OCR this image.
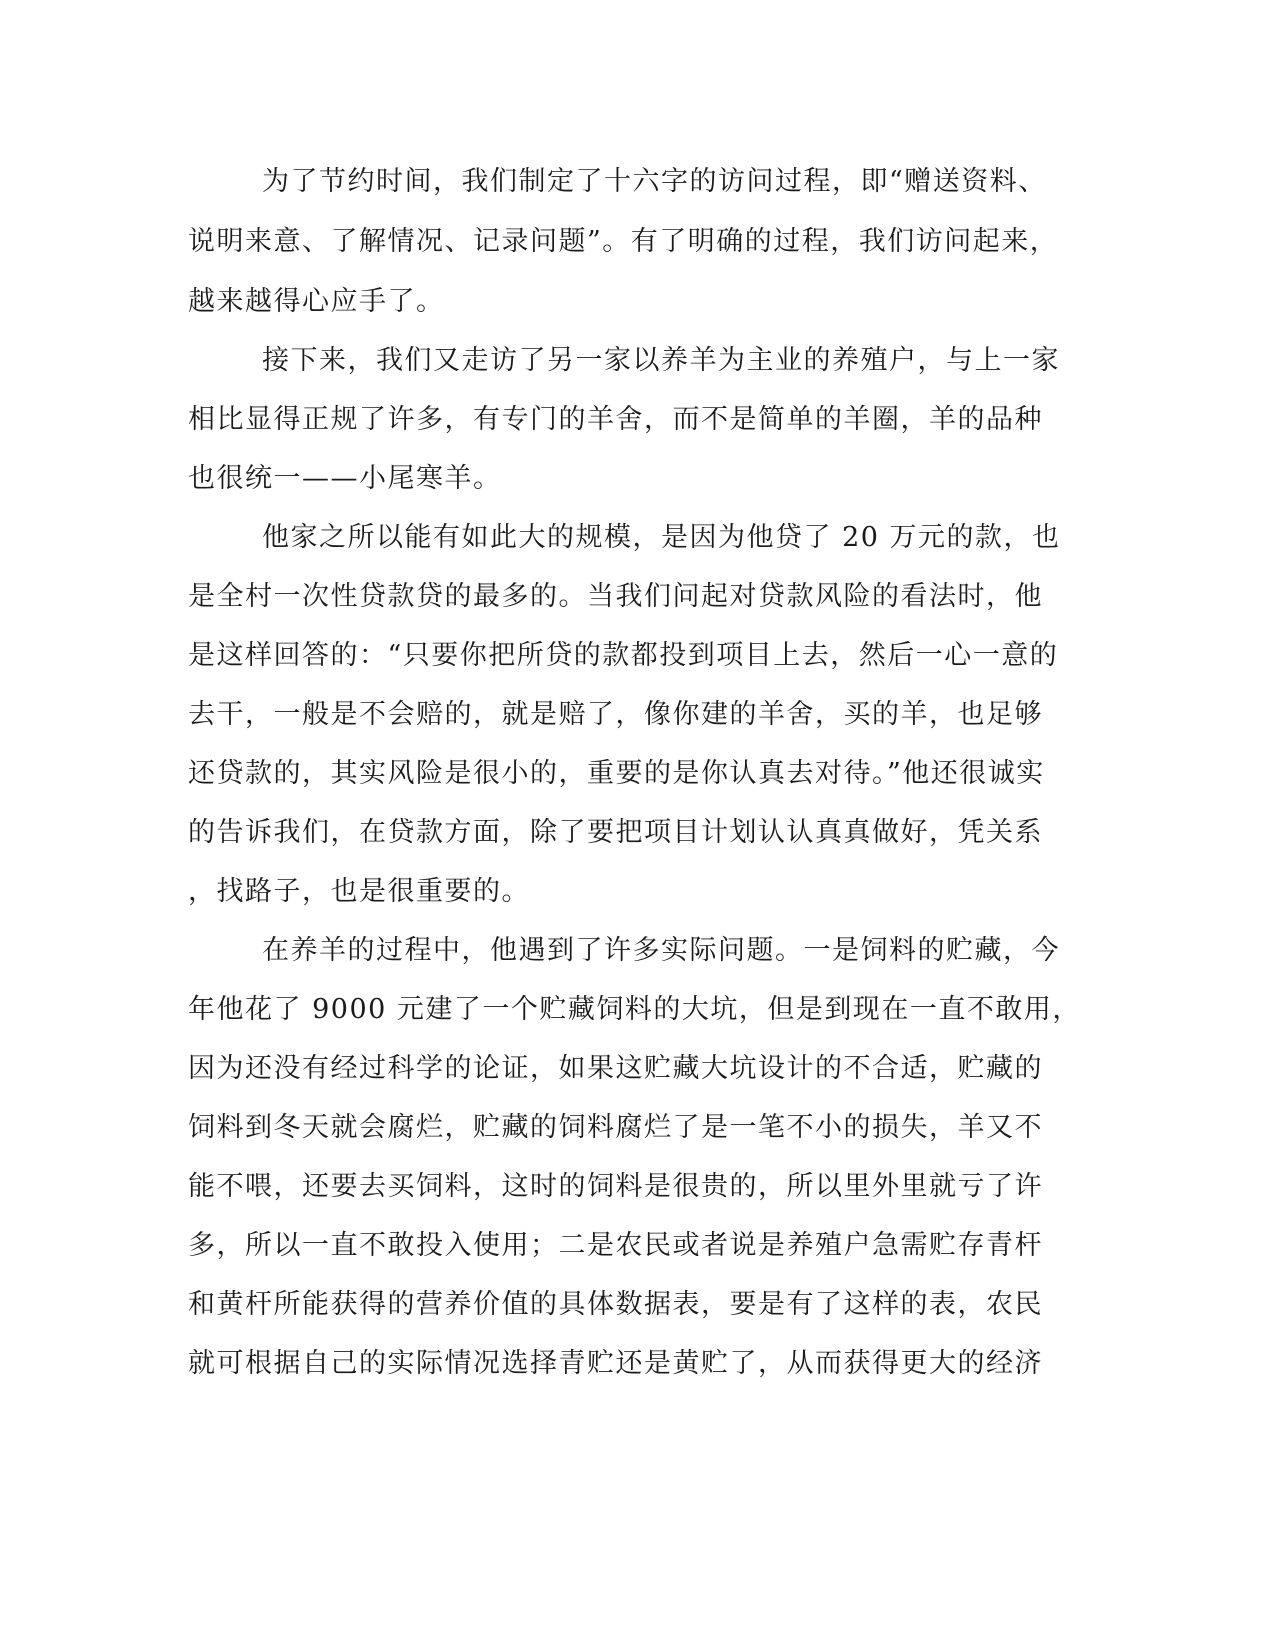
为了节约时间，我们制定了十六字的访问过程，即“赠送资料、
说明来意、了解情况、记录问题”。有了明确的过程，我们访问起来，
越来越得心应手了。
接下来，我们又走访了另一家以养羊为主业的养殖户，与上一家
相比显得正规了许多，有专门的羊舍，而不是简单的羊圈，羊的品种
也很统一——小尾寒羊。
他家之所以能有如此大的规模，是因为他贷了 20 万元的款，也
是全村一次性贷款贷的最多的。当我们问起对贷款风险的看法时，他
是这样回答的：“只要你把所贷的款都投到项目上去，然后一心一意的
去干，一般是不会赔的，就是赔了，像你建的羊舍，买的羊，也足够
还贷款的，其实风险是很小的，重要的是你认真去对待。”他还很诚实
的告诉我们，在贷款方面，除了要把项目计划认认真真做好，凭关系
，找路子，也是很重要的。
在养羊的过程中，他遇到了许多实际问题。一是饲料的贮藏，今
年他花了 9000 元建了一个贮藏饲料的大坑，但是到现在一直不敢用，
因为还没有经过科学的论证，如果这贮藏大坑设计的不合适，贮藏的
饲料到冬天就会腐烂，贮藏的饲料腐烂了是一笔不小的损失，羊又不
能不喂，还要去买饲料，这时的饲料是很贵的，所以里外里就亏了许
多，所以一直不敢投入使用；二是农民或者说是养殖户急需贮存青杆
和黄杆所能获得的营养价值的具体数据表，要是有了这样的表，农民
就可根据自己的实际情况选择青贮还是黄贮了，从而获得更大的经济
